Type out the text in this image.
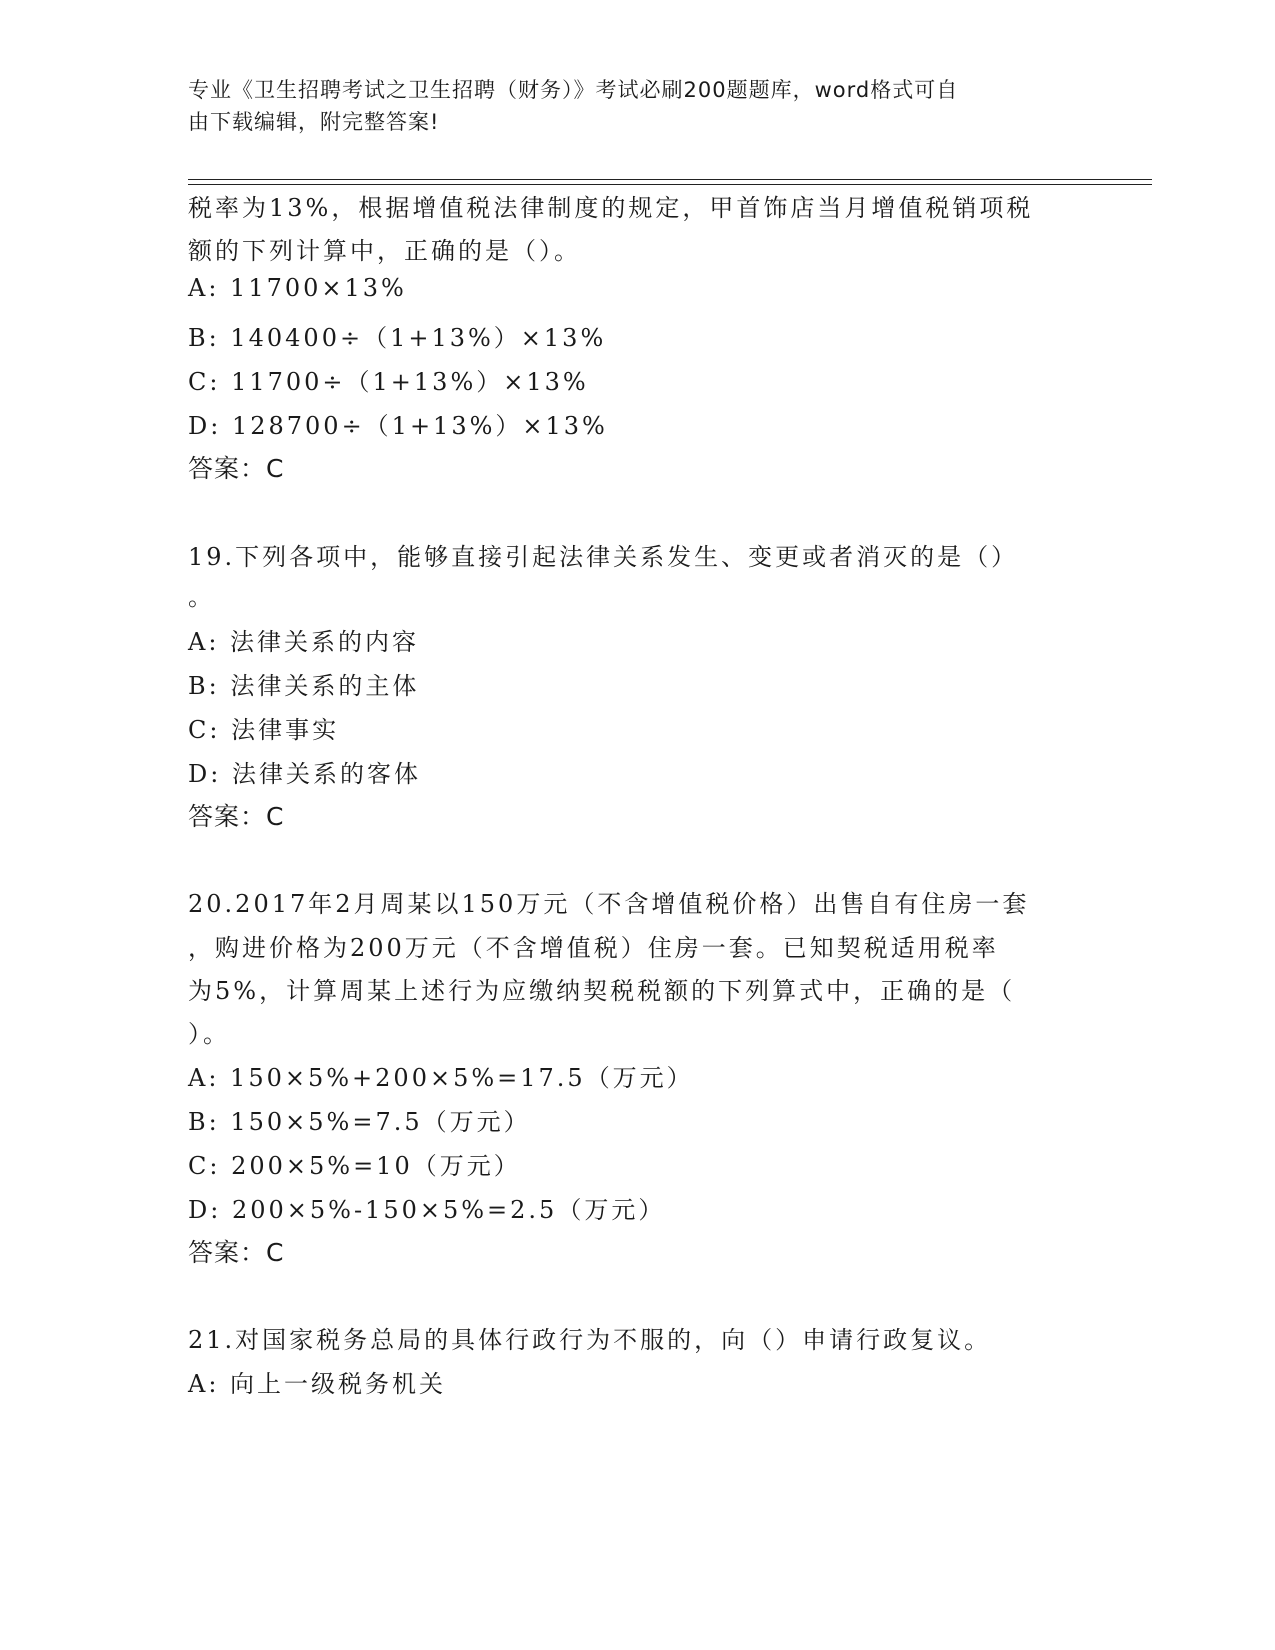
专业《卫生招聘考试之卫生招聘（财务）》考试必刷200题题库，word格式可自
由下载编辑，附完整答案!
税率为13%，根据增值税法律制度的规定，甲首饰店当月增值税销项税
额的下列计算中，正确的是（）。
A: 11700×13%
B: 140400÷（1+13%）×13%
C: 11700÷（1+13%）×13%
D: 128700÷（1+13%）×13%
答案：C
19.下列各项中，能够直接引起法律关系发生、变更或者消灭的是（）
。
A: 法律关系的内容
B: 法律关系的主体
C: 法律事实
D: 法律关系的客体
答案：C
20.2017年2月周某以150万元（不含增值税价格）出售自有住房一套
，购进价格为200万元（不含增值税）住房一套。已知契税适用税率
为5%，计算周某上述行为应缴纳契税税额的下列算式中，正确的是（
）。
A: 150×5%+200×5%=17.5（万元）
B: 150×5%=7.5（万元）
C: 200×5%=10（万元）
D: 200×5%-150×5%=2.5（万元）
答案：C
21.对国家税务总局的具体行政行为不服的，向（）申请行政复议。
A: 向上一级税务机关
